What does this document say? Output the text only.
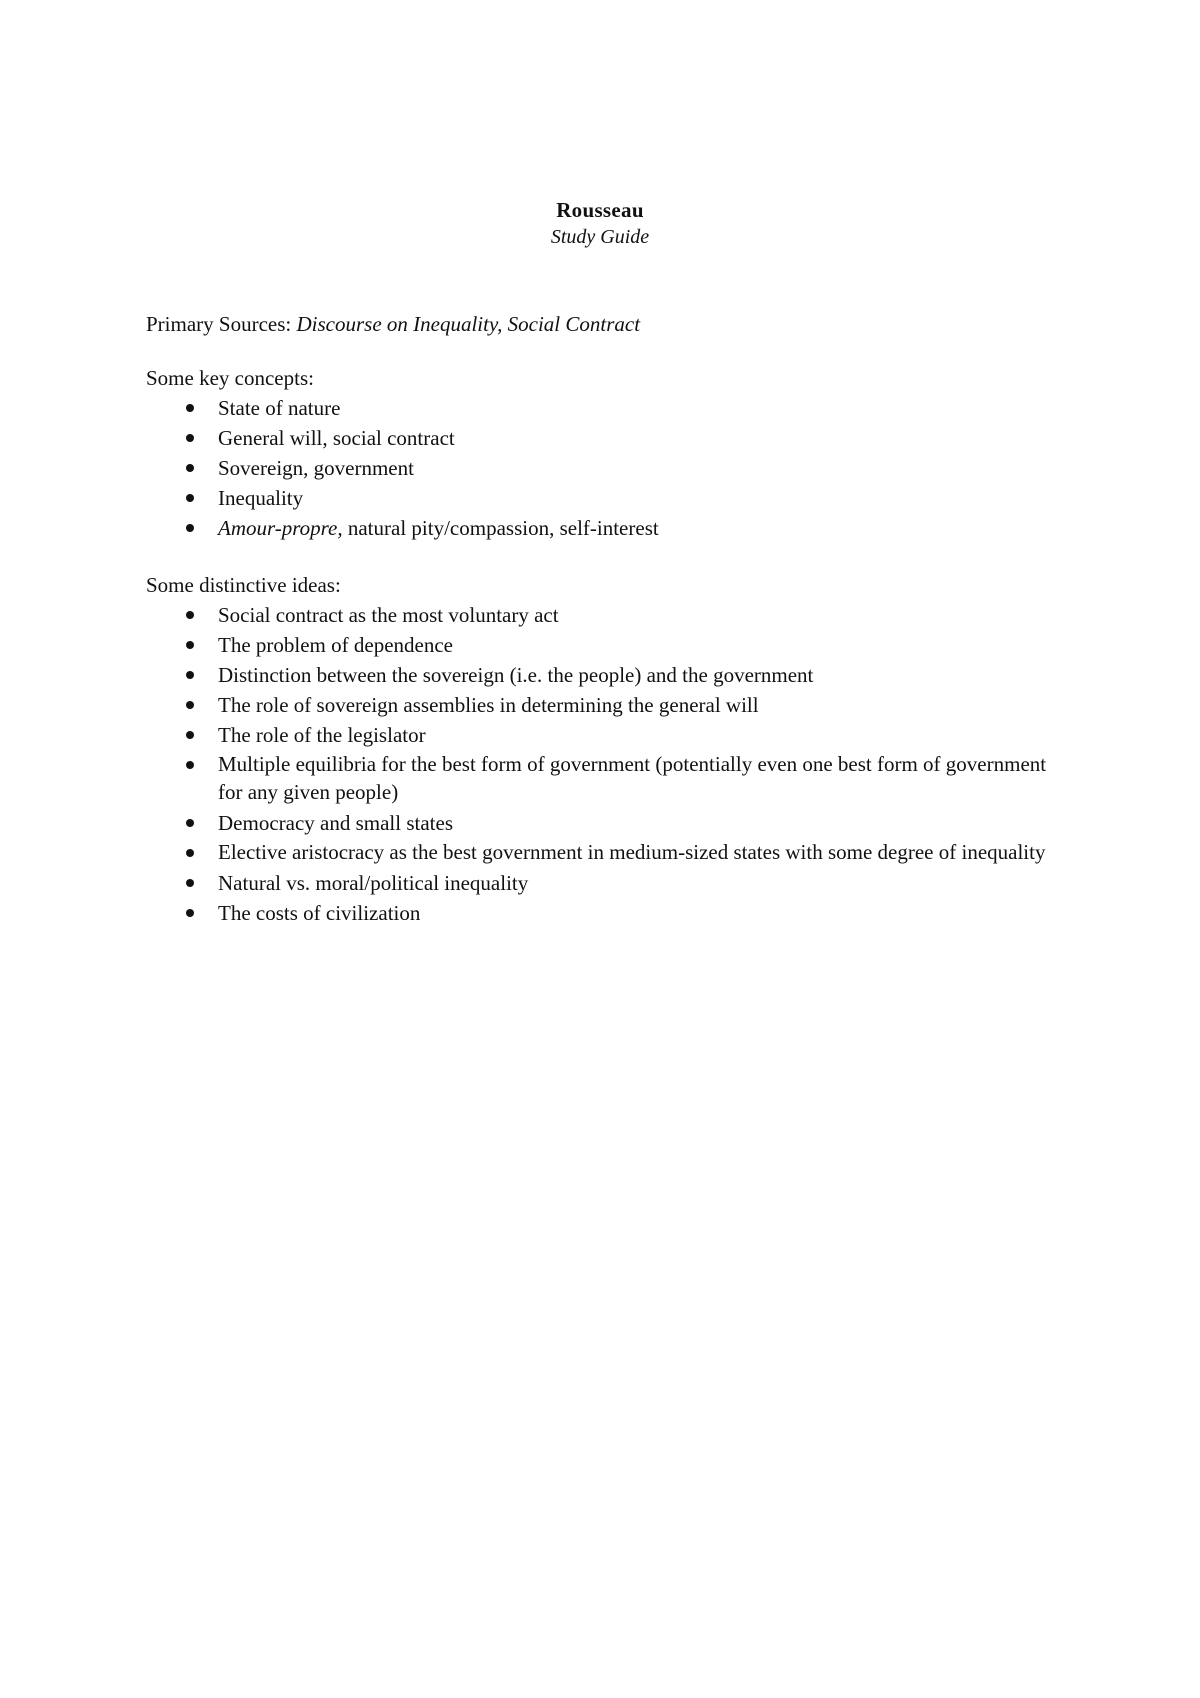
Rousseau
Study Guide
Primary Sources: Discourse on Inequality, Social Contract
Some key concepts:
State of nature
General will, social contract
Sovereign, government
Inequality
Amour-propre, natural pity/compassion, self-interest
Some distinctive ideas:
Social contract as the most voluntary act
The problem of dependence
Distinction between the sovereign (i.e. the people) and the government
The role of sovereign assemblies in determining the general will
The role of the legislator
Multiple equilibria for the best form of government (potentially even one best form of government for any given people)
Democracy and small states
Elective aristocracy as the best government in medium-sized states with some degree of inequality
Natural vs. moral/political inequality
The costs of civilization
